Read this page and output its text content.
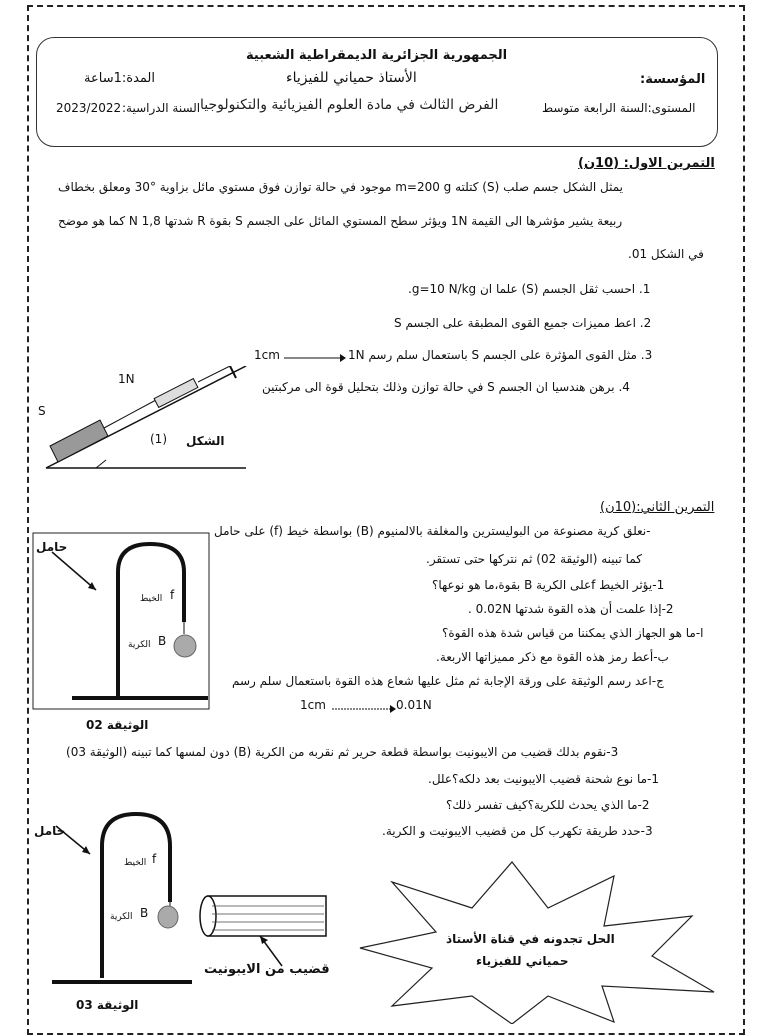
الجمهورية الجزائرية الديمقراطية الشعبية
المؤسسة:
الأستاذ حمياني للفيزياء
المدة:1ساعة
المستوى:السنة الرابعة متوسط
الفرض الثالث في مادة العلوم الفيزيائية والتكنولوجيا
السنة الدراسية:
2023/2022
التمرين الاول: (10ن)
يمثل الشكل جسم صلب (S) كتلته m=200 g موجود في حالة توازن فوق مستوي مائل بزاوية °30 ومعلق بخطاف
ربيعة يشير مؤشرها الى القيمة 1N ويؤثر سطح المستوي المائل على الجسم S بقوة R شدتها 1,8 N كما هو موضح
في الشكل 01.
1. احسب ثقل الجسم (S) علما ان g=10 N/kg.
2. اعط مميزات جميع القوى المطبقة على الجسم S
3. مثل القوى المؤثرة على الجسم S باستعمال سلم رسم 1N
1cm
4. برهن هندسيا ان الجسم S في حالة توازن وذلك بتحليل قوة الى مركبتين
1N
S
(1) الشكل
التمرين الثاني:(10ن)
-نعلق كرية مصنوعة من البوليسترين والمغلفة بالالمنيوم (B) بواسطة خيط (f) على حامل
كما تبينه (الوثيقة 02) ثم نتركها حتى تستقر.
1-يؤثر الخيط fعلى الكرية B بقوة،ما هو نوعها؟
2-إذا علمت أن هذه القوة شدتها 0.02N .
ا-ما هو الجهاز الذي يمكننا من قياس شدة هذه القوة؟
ب-أعط رمز هذه القوة مع ذكر مميزاتها الاربعة.
ج-اعد رسم الوثيقة على ورقة الإجابة ثم مثل عليها شعاع هذه القوة باستعمال سلم رسم
1cm	0.01N
حامل
الخيط f
الكرية B
الوثيقة 02
3-نقوم بدلك قضيب من الايبونيت بواسطة قطعة حرير ثم نقربه من الكرية (B) دون لمسها كما تبينه (الوثيقة 03)
1-ما نوع شحنة قضيب الايبونيت بعد دلكه؟علل.
2-ما الذي يحدث للكرية؟كيف تفسر ذلك؟
3-حدد طريقة تكهرب كل من قضيب الايبونيت و الكرية.
حامل
الخيط f
الكرية B
قضيب من الايبونيت
الوثيقة 03
الحل تجدونه في قناة الأستاذ
حمياني للفيزياء
